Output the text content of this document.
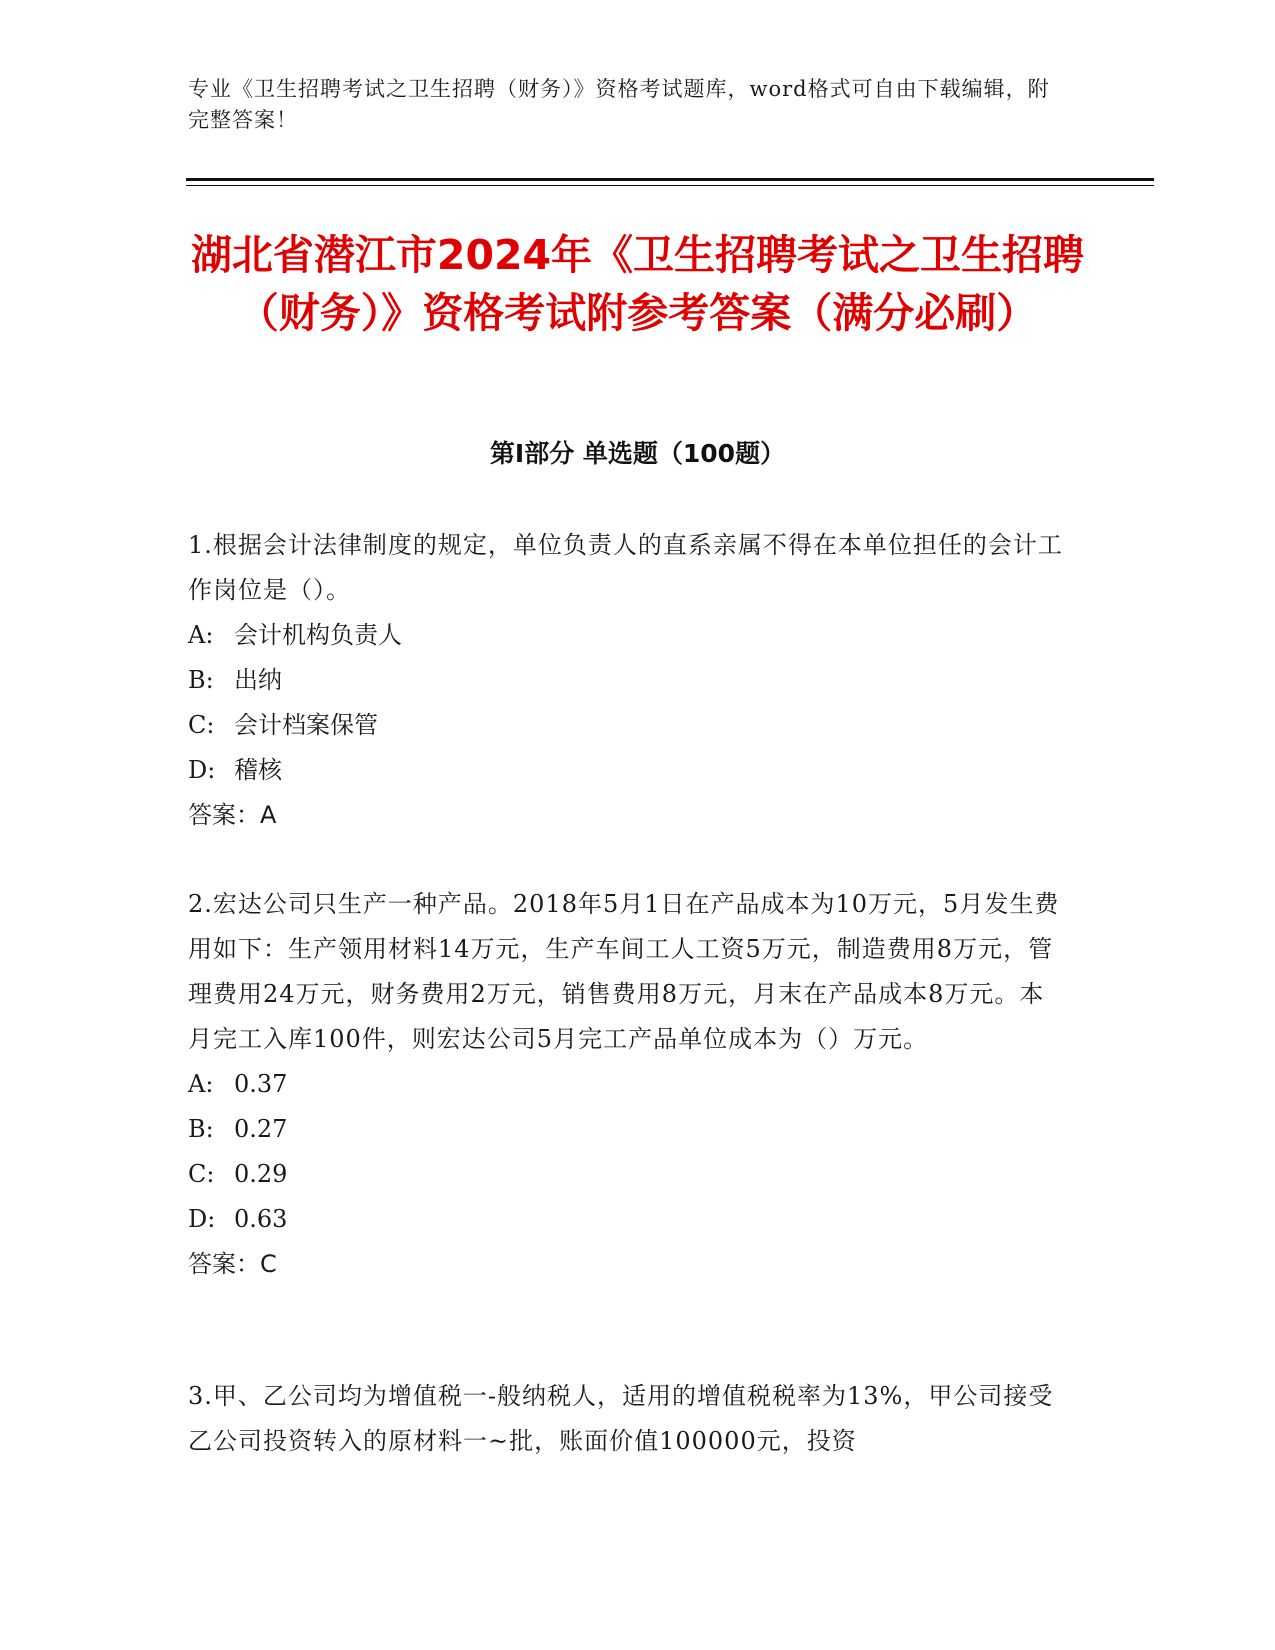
专业《卫生招聘考试之卫生招聘（财务）》资格考试题库，word格式可自由下载编辑，附完整答案！
湖北省潜江市2024年《卫生招聘考试之卫生招聘（财务）》资格考试附参考答案（满分必刷）
第I部分 单选题（100题）

1.根据会计法律制度的规定，单位负责人的直系亲属不得在本单位担任的会计工作岗位是（）。

A: 会计机构负责人

B: 出纳

C: 会计档案保管

D: 稽核

答案：A

2.宏达公司只生产一种产品。2018年5月1日在产品成本为10万元，5月发生费用如下：生产领用材料14万元，生产车间工人工资5万元，制造费用8万元，管理费用24万元，财务费用2万元，销售费用8万元，月末在产品成本8万元。本月完工入库100件，则宏达公司5月完工产品单位成本为（）万元。

A: 0.37

B: 0.27

C: 0.29

D: 0.63

答案：C

3.甲、乙公司均为增值税一-般纳税人，适用的增值税税率为13%，甲公司接受乙公司投资转入的原材料一~批，账面价值100000元，投资
